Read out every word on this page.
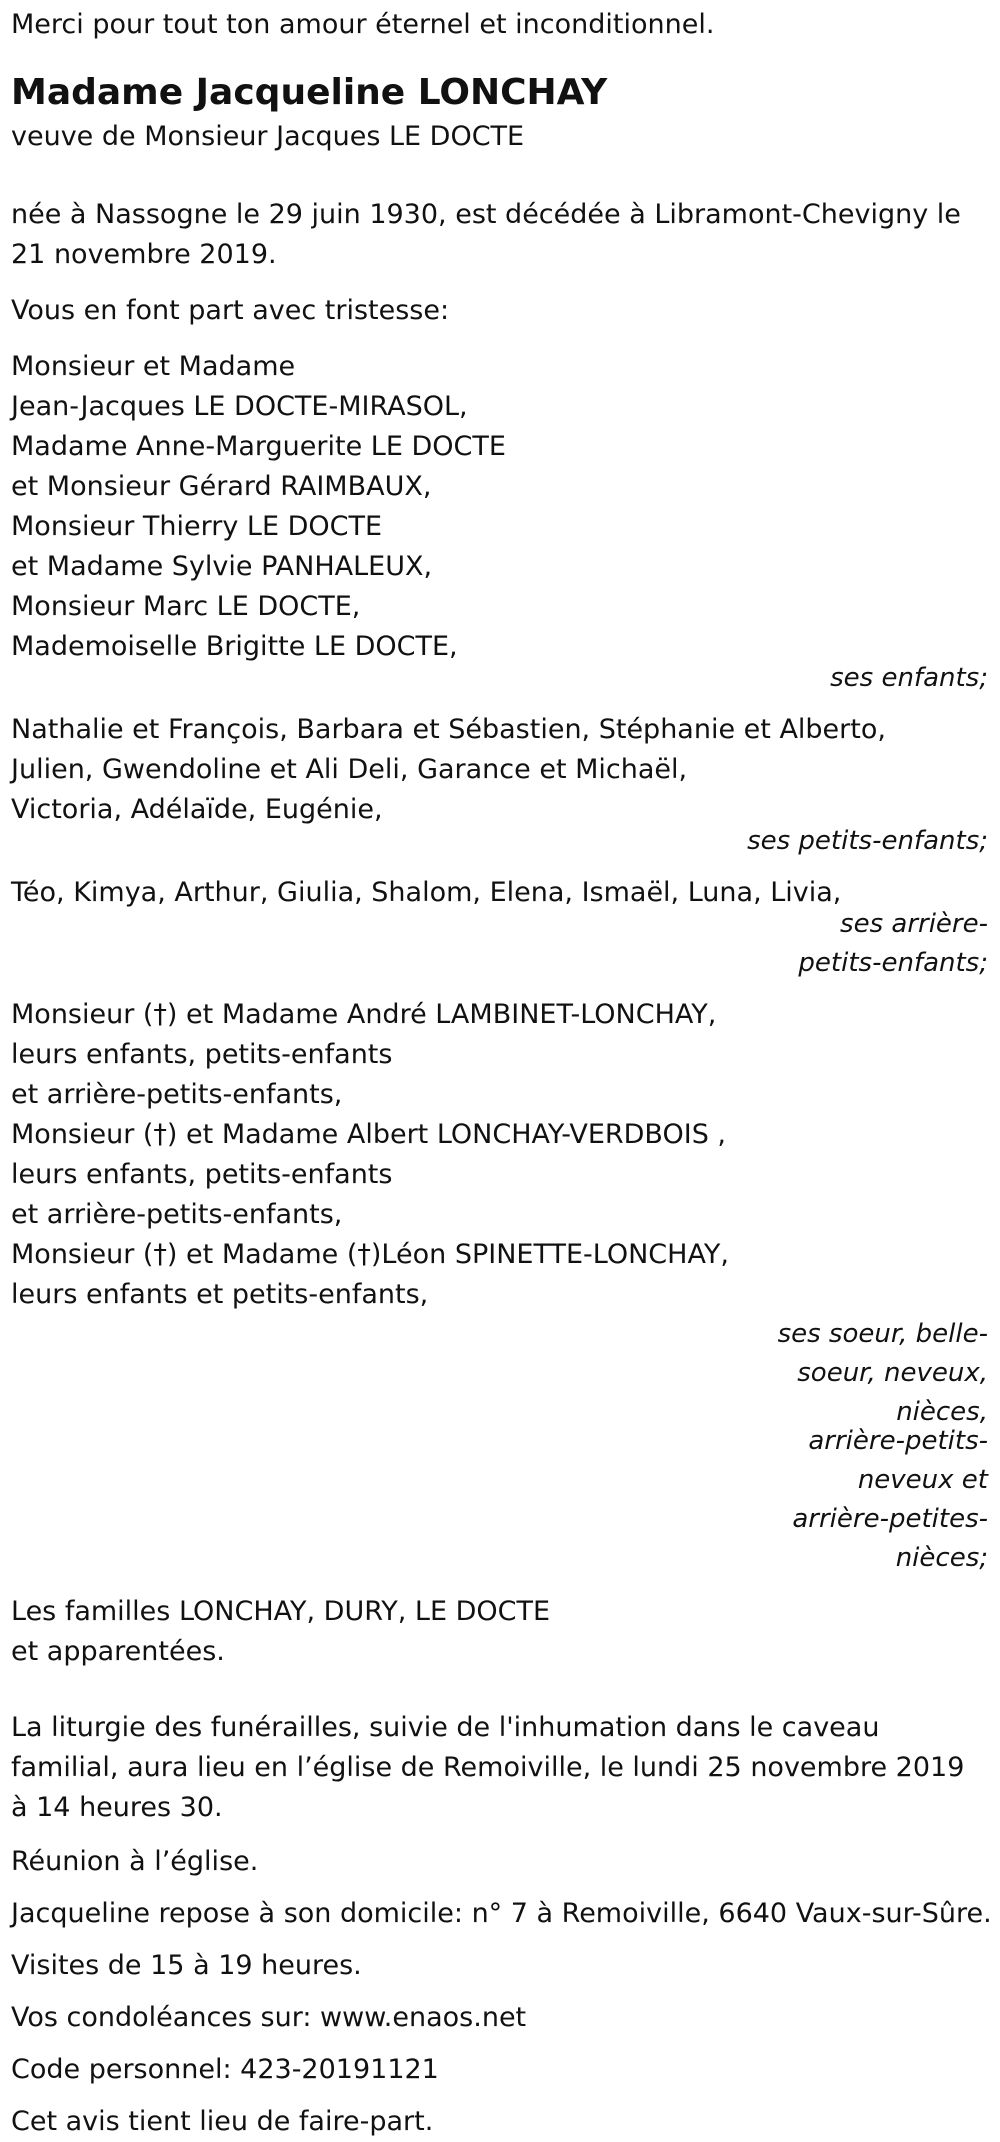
Merci pour tout ton amour éternel et inconditionnel.
Madame Jacqueline LONCHAY
veuve de Monsieur Jacques LE DOCTE
née à Nassogne le 29 juin 1930, est décédée à Libramont-Chevigny le 21 novembre 2019.
Vous en font part avec tristesse:
Monsieur et Madame
Jean-Jacques LE DOCTE-MIRASOL,
Madame Anne-Marguerite LE DOCTE
et Monsieur Gérard RAIMBAUX,
Monsieur Thierry LE DOCTE
et Madame Sylvie PANHALEUX,
Monsieur Marc LE DOCTE,
Mademoiselle Brigitte LE DOCTE,
ses enfants;
Nathalie et François, Barbara et Sébastien, Stéphanie et Alberto,
Julien, Gwendoline et Ali Deli, Garance et Michaël,
Victoria, Adélaïde, Eugénie,
ses petits-enfants;
Téo, Kimya, Arthur, Giulia, Shalom, Elena, Ismaël, Luna, Livia,
ses arrière-petits-enfants;
Monsieur (†) et Madame André LAMBINET-LONCHAY,
leurs enfants, petits-enfants
et arrière-petits-enfants,
Monsieur (†) et Madame Albert LONCHAY-VERDBOIS ,
leurs enfants, petits-enfants
et arrière-petits-enfants,
Monsieur (†) et Madame (†)Léon SPINETTE-LONCHAY,
leurs enfants et petits-enfants,
ses soeur, belle-soeur, neveux, nièces,
arrière-petits-neveux et arrière-petites-nièces;
Les familles LONCHAY, DURY, LE DOCTE
et apparentées.
La liturgie des funérailles, suivie de l'inhumation dans le caveau familial, aura lieu en l’église de Remoiville, le lundi 25 novembre 2019 à 14 heures 30.
Réunion à l’église.
Jacqueline repose à son domicile: n° 7 à Remoiville, 6640 Vaux-sur-Sûre.
Visites de 15 à 19 heures.
Vos condoléances sur: www.enaos.net
Code personnel: 423-20191121
Cet avis tient lieu de faire-part.
